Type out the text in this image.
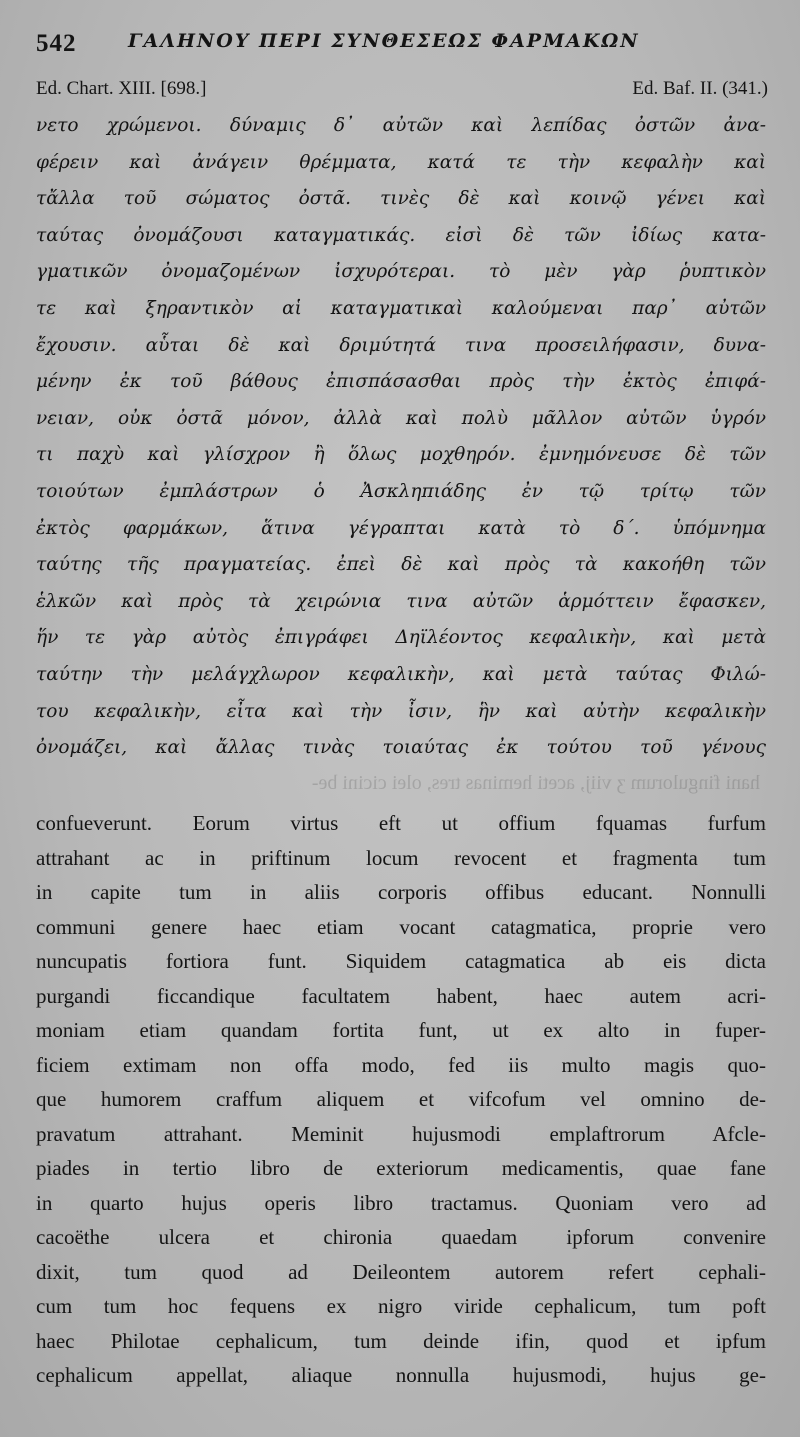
542	ΓΑΛΗΝΟΥ ΠΕΡΙ ΣΥΝΘΕΣΕΩΣ ΦΑΡΜΑΚΩΝ
Ed. Chart. XIII. [698.]	Ed. Baf. II. (341.)
νετο χρώμενοι. δύναμις δ᾽ αὐτῶν καὶ λεπίδας ὀστῶν ἀνα-
φέρειν καὶ ἀνάγειν θρέμματα, κατά τε τὴν κεφαλὴν καὶ
τἄλλα τοῦ σώματος ὀστᾶ. τινὲς δὲ καὶ κοινῷ γένει καὶ
ταύτας ὀνομάζουσι καταγματικάς. εἰσὶ δὲ τῶν ἰδίως κατα-
γματικῶν ὀνομαζομένων ἰσχυρότεραι. τὸ μὲν γὰρ ῥυπτικὸν
τε καὶ ξηραντικὸν αἱ καταγματικαὶ καλούμεναι παρ᾽ αὐτῶν
ἔχουσιν. αὗται δὲ καὶ δριμύτητά τινα προσειλήφασιν, δυνα-
μένην ἐκ τοῦ βάθους ἐπισπάσασθαι πρὸς τὴν ἐκτὸς ἐπιφά-
νειαν, οὐκ ὀστᾶ μόνον, ἀλλὰ καὶ πολὺ μᾶλλον αὐτῶν ὑγρόν
τι παχὺ καὶ γλίσχρον ἢ ὅλως μοχθηρόν. ἐμνημόνευσε δὲ τῶν
τοιούτων ἐμπλάστρων ὁ Ἀσκληπιάδης ἐν τῷ τρίτῳ τῶν
ἐκτὸς φαρμάκων, ἅτινα γέγραπται κατὰ τὸ δ΄. ὑπόμνημα
ταύτης τῆς πραγματείας. ἐπεὶ δὲ καὶ πρὸς τὰ κακοήθη τῶν
ἑλκῶν καὶ πρὸς τὰ χειρώνια τινα αὐτῶν ἁρμόττειν ἔφασκεν,
ἥν τε γὰρ αὐτὸς ἐπιγράφει Δηϊλέοντος κεφαλικὴν, καὶ μετὰ
ταύτην τὴν μελάγχλωρον κεφαλικὴν, καὶ μετὰ ταύτας Φιλώ-
του κεφαλικὴν, εἶτα καὶ τὴν ἶσιν, ἣν καὶ αὐτὴν κεφαλικὴν
ὀνομάζει, καὶ ἄλλας τινὰς τοιαύτας ἐκ τούτου τοῦ γένους
hani fingulorum ʒ viij, aceti heminas tres, olei cicini be-
confueverunt. Eorum virtus eft ut offium fquamas furfum
attrahant ac in priftinum locum revocent et fragmenta tum
in capite tum in aliis corporis offibus educant. Nonnulli
communi genere haec etiam vocant catagmatica, proprie vero
nuncupatis fortiora funt. Siquidem catagmatica ab eis dicta
purgandi ficcandique facultatem habent, haec autem acri-
moniam etiam quandam fortita funt, ut ex alto in fuper-
ficiem extimam non offa modo, fed iis multo magis quo-
que humorem craffum aliquem et vifcofum vel omnino de-
pravatum attrahant. Meminit hujusmodi emplaftrorum Afcle-
piades in tertio libro de exteriorum medicamentis, quae fane
in quarto hujus operis libro tractamus. Quoniam vero ad
cacoëthe ulcera et chironia quaedam ipforum convenire
dixit, tum quod ad Deileontem autorem refert cephali-
cum tum hoc fequens ex nigro viride cephalicum, tum poft
haec Philotae cephalicum, tum deinde ifin, quod et ipfum
cephalicum appellat, aliaque nonnulla hujusmodi, hujus ge-
